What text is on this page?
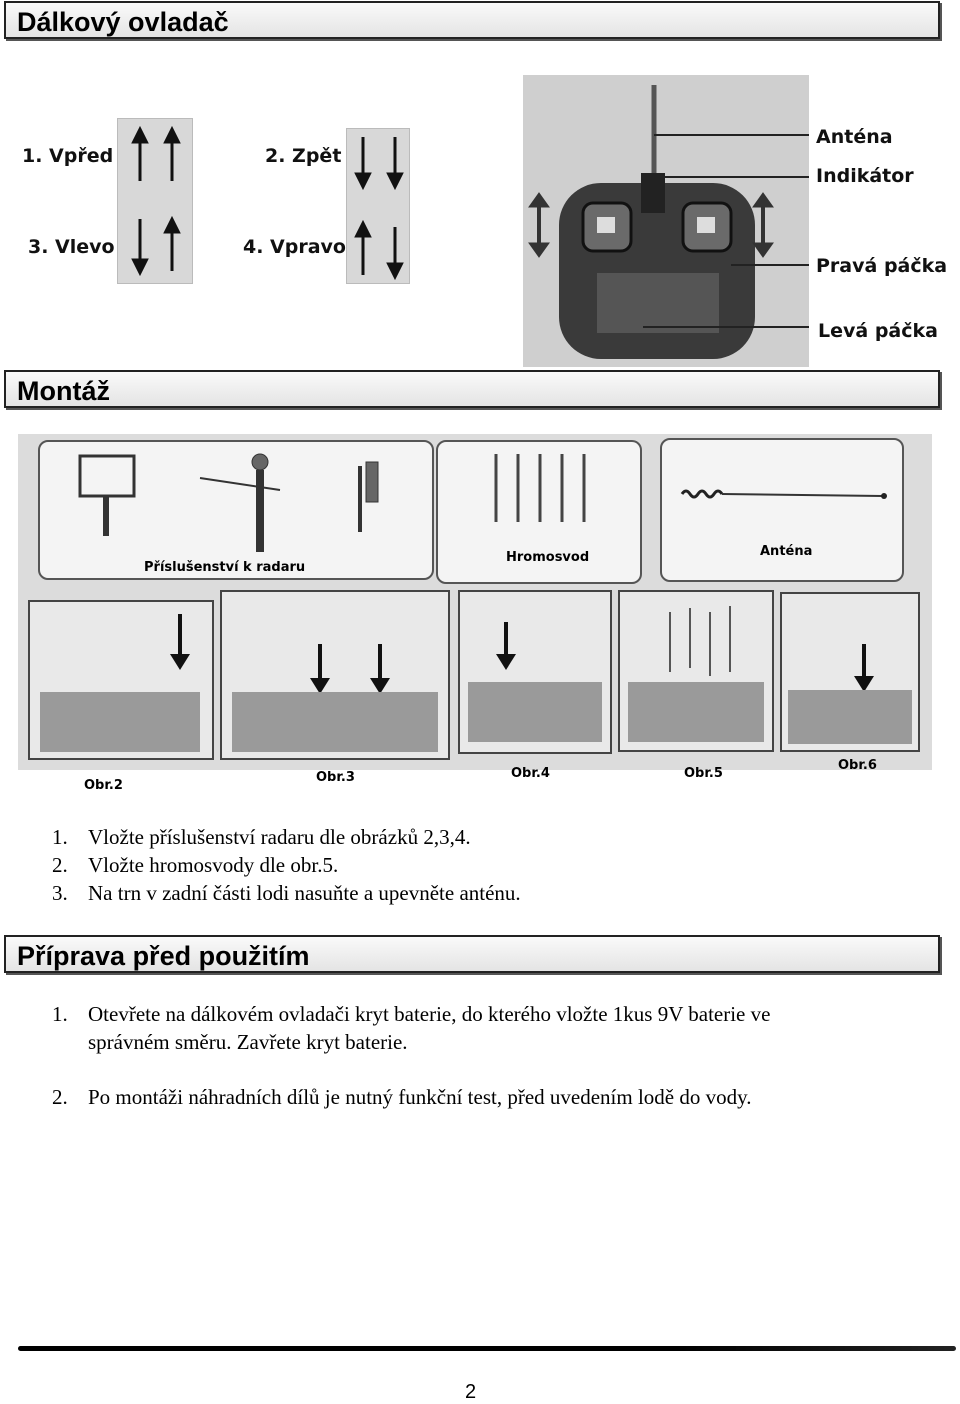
Dálkový ovladač
1. Vpřed	2. Zpět
3. Vlevo	4. Vpravo
Anténa
Indikátor
Pravá páčka
Levá páčka
Montáž
Příslušenství k radaru
Hromosvod	Anténa
Obr.2
Obr.3	Obr.4	Obr.5
Obr.6
1. Vložte příslušenství radaru dle obrázků 2,3,4.
2. Vložte hromosvody dle obr.5.
3. Na trn v zadní části lodi nasuňte a upevněte anténu.
Příprava před použitím
1. Otevřete na dálkovém ovladači kryt baterie, do kterého vložte 1kus 9V baterie ve
správném směru. Zavřete kryt baterie.
2. Po montáži náhradních dílů je nutný funkční test, před uvedením lodě do vody.
2
